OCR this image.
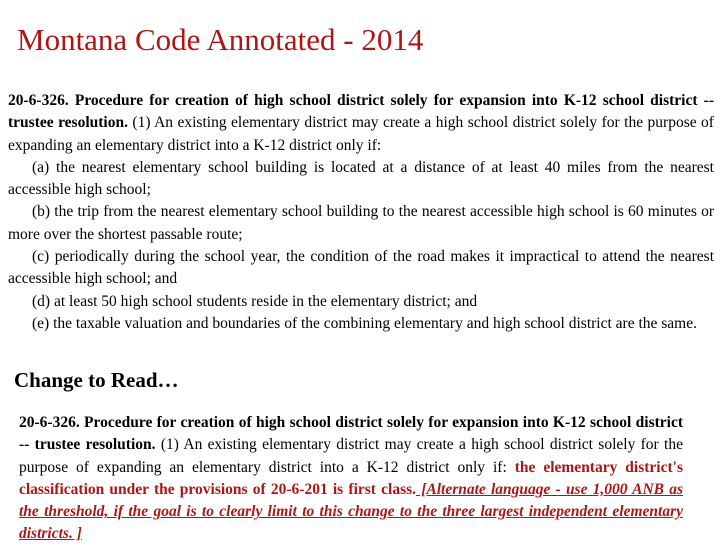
Montana Code Annotated - 2014

20-6-326. Procedure for creation of high school district solely for expansion into K-12 school district -- trustee resolution. (1) An existing elementary district may create a high school district solely for the purpose of expanding an elementary district into a K-12 district only if:

(a) the nearest elementary school building is located at a distance of at least 40 miles from the nearest accessible high school;

(b) the trip from the nearest elementary school building to the nearest accessible high school is 60 minutes or more over the shortest passable route;

(c) periodically during the school year, the condition of the road makes it impractical to attend the nearest accessible high school; and

(d) at least 50 high school students reside in the elementary district; and

(e) the taxable valuation and boundaries of the combining elementary and high school district are the same.

Change to Read…

20-6-326. Procedure for creation of high school district solely for expansion into K-12 school district -- trustee resolution. (1) An existing elementary district may create a high school district solely for the purpose of expanding an elementary district into a K-12 district only if: the elementary district's classification under the provisions of 20-6-201 is first class. [Alternate language - use 1,000 ANB as the threshold, if the goal is to clearly limit to this change to the three largest independent elementary districts. ]
